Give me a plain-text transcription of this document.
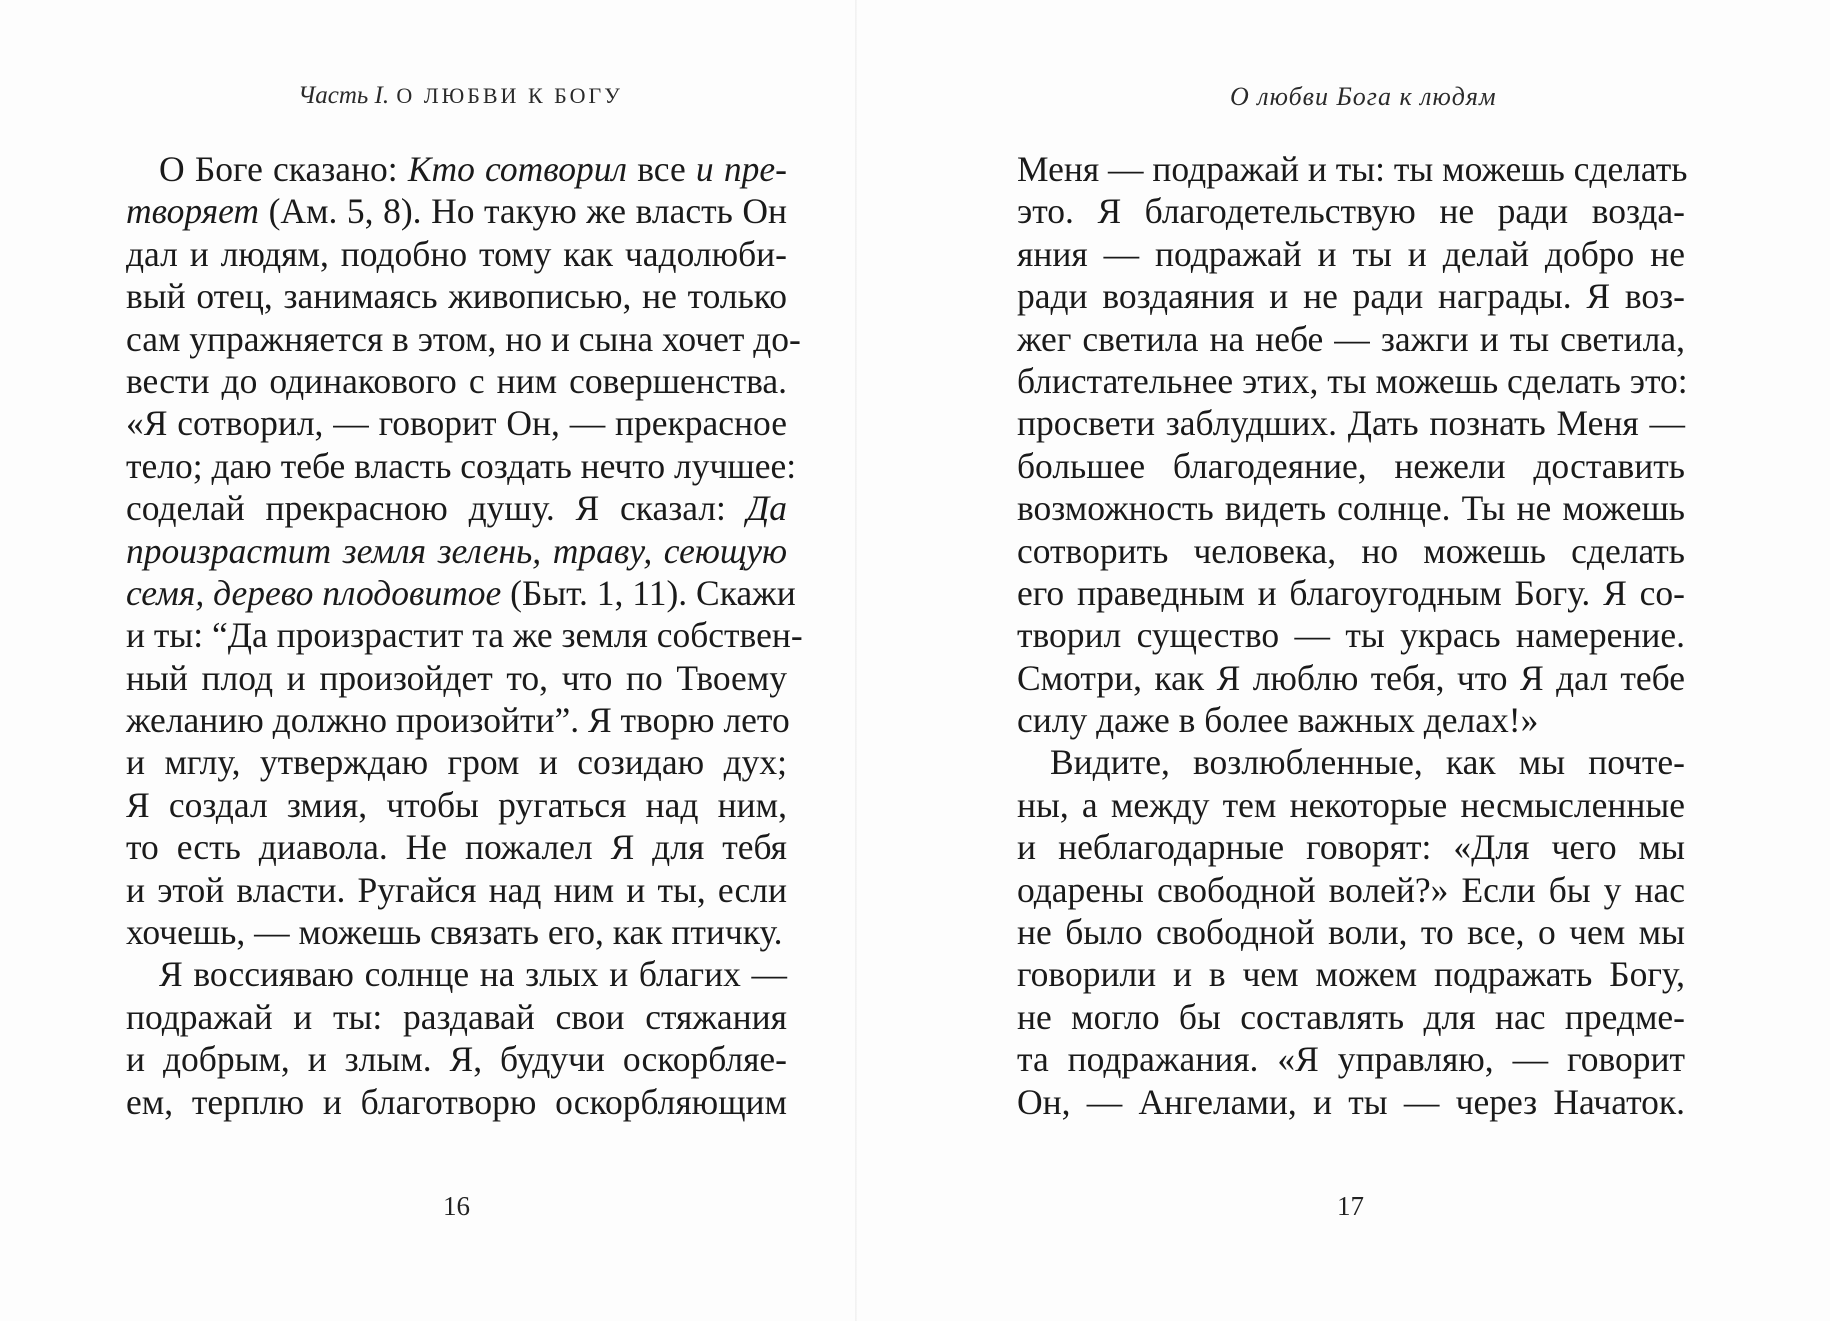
Часть I. О ЛЮБВИ К БОГУ
О Боге сказано: Кто сотворил все и пре-
творяет (Ам. 5, 8). Но такую же власть Он
дал и людям, подобно тому как чадолюби-
вый отец, занимаясь живописью, не только
сам упражняется в этом, но и сына хочет до-
вести до одинакового с ним совершенства.
«Я сотворил, — говорит Он, — прекрасное
тело; даю тебе власть создать нечто лучшее:
соделай прекрасною душу. Я сказал: Да
произрастит земля зелень, траву, сеющую
семя, дерево плодовитое (Быт. 1, 11). Скажи
и ты: “Да произрастит та же земля собствен-
ный плод и произойдет то, что по Твоему
желанию должно произойти”. Я творю лето
и мглу, утверждаю гром и созидаю дух;
Я создал змия, чтобы ругаться над ним,
то есть диавола. Не пожалел Я для тебя
и этой власти. Ругайся над ним и ты, если
хочешь, — можешь связать его, как птичку.
Я воссияваю солнце на злых и благих —
подражай и ты: раздавай свои стяжания
и добрым, и злым. Я, будучи оскорбляе-
ем, терплю и благотворю оскорбляющим
16
О любви Бога к людям
Меня — подражай и ты: ты можешь сделать
это. Я благодетельствую не ради возда-
яния — подражай и ты и делай добро не
ради воздаяния и не ради награды. Я воз-
жег светила на небе — зажги и ты светила,
блистательнее этих, ты можешь сделать это:
просвети заблудших. Дать познать Меня —
большее благодеяние, нежели доставить
возможность видеть солнце. Ты не можешь
сотворить человека, но можешь сделать
его праведным и благоугодным Богу. Я со-
творил существо — ты укрась намерение.
Смотри, как Я люблю тебя, что Я дал тебе
силу даже в более важных делах!»
Видите, возлюбленные, как мы почте-
ны, а между тем некоторые несмысленные
и неблагодарные говорят: «Для чего мы
одарены свободной волей?» Если бы у нас
не было свободной воли, то все, о чем мы
говорили и в чем можем подражать Богу,
не могло бы составлять для нас предме-
та подражания. «Я управляю, — говорит
Он, — Ангелами, и ты — через Начаток.
17
